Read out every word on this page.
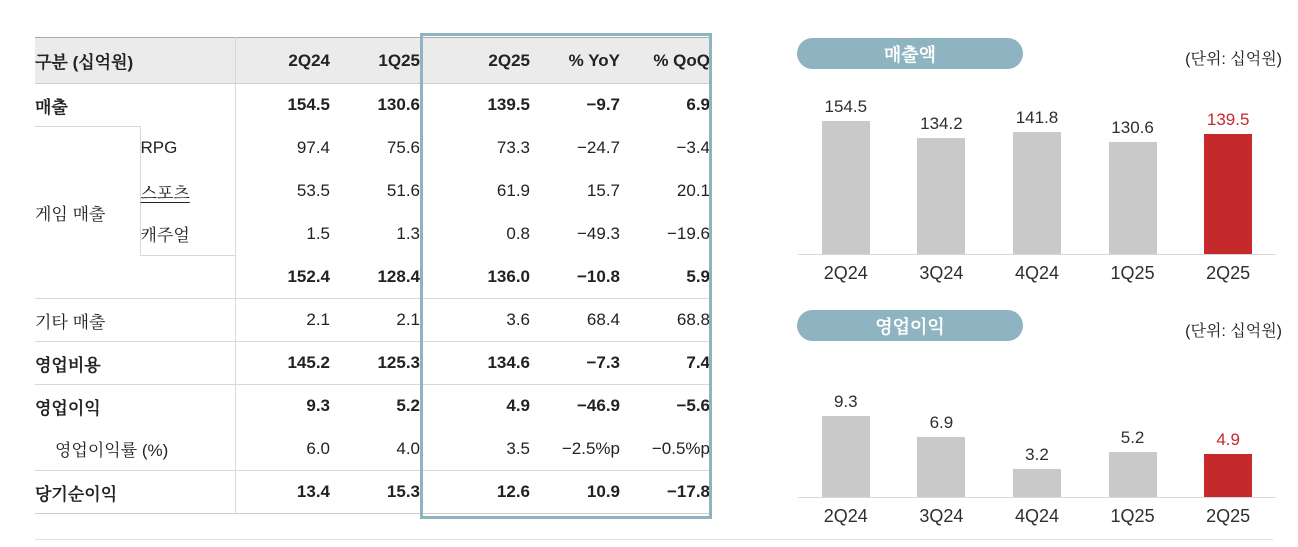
구분 (십억원)		2Q24	1Q25	2Q25	% YoY	% QoQ
매출		154.5	130.6	139.5	−9.7	6.9
게임 매출	RPG	97.4	75.6	73.3	−24.7	−3.4
	스포츠	53.5	51.6	61.9	15.7	20.1
	캐주얼	1.5	1.3	0.8	−49.3	−19.6
		152.4	128.4	136.0	−10.8	5.9
기타 매출		2.1	2.1	3.6	68.4	68.8
영업비용		145.2	125.3	134.6	−7.3	7.4
영업이익		9.3	5.2	4.9	−46.9	−5.6
영업이익률 (%)		6.0	4.0	3.5	−2.5%p	−0.5%p
당기순이익		13.4	15.3	12.6	10.9	−17.8
매출액	(단위: 십억원)
154.5
134.2	141.8
130.6	139.5
2Q24	3Q24	4Q24	1Q25	2Q25
영업이익	(단위: 십억원)
9.3
6.9
3.2
5.2	4.9
2Q24	3Q24	4Q24	1Q25	2Q25
